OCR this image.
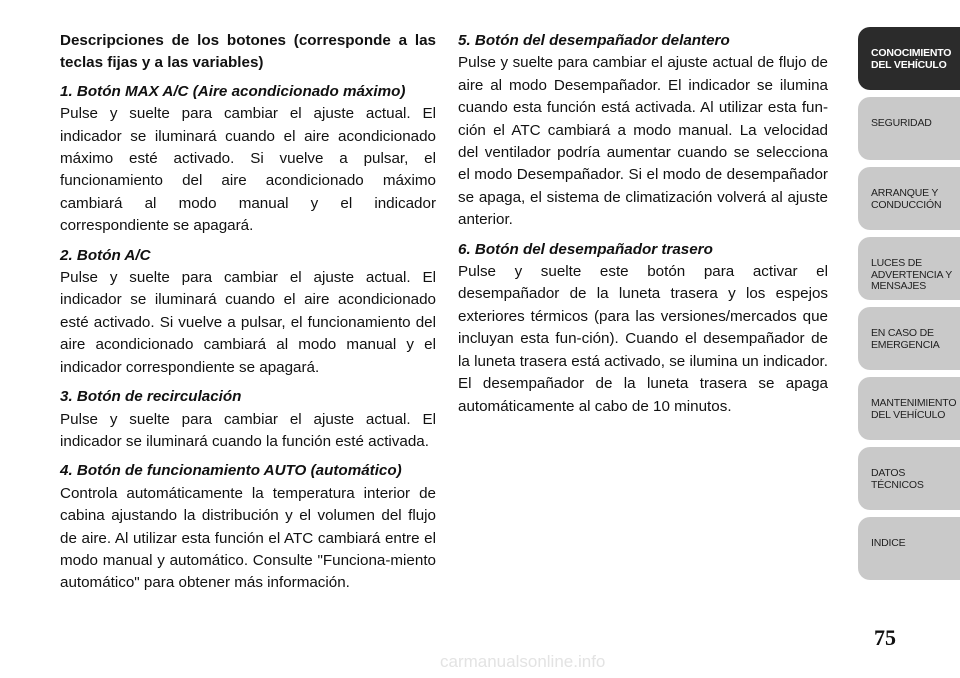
Descripciones de los botones (corresponde a las teclas fijas y a las variables)

1. Botón MAX A/C (Aire acondicionado máximo)

Pulse y suelte para cambiar el ajuste actual. El indicador se iluminará cuando el aire acondicionado máximo esté activado. Si vuelve a pulsar, el funcionamiento del aire acondicionado máximo cambiará al modo manual y el indicador correspondiente se apagará.

2. Botón A/C

Pulse y suelte para cambiar el ajuste actual. El indicador se iluminará cuando el aire acondicionado esté activado. Si vuelve a pulsar, el funcionamiento del aire acondicionado cambiará al modo manual y el indicador correspondiente se apagará.

3. Botón de recirculación

Pulse y suelte para cambiar el ajuste actual. El indicador se iluminará cuando la función esté activada.

4. Botón de funcionamiento AUTO (automático)

Controla automáticamente la temperatura interior de cabina ajustando la distribución y el volumen del flujo de aire. Al utilizar esta función el ATC cambiará entre el modo manual y automático. Consulte "Funciona-miento automático" para obtener más información.

5. Botón del desempañador delantero

Pulse y suelte para cambiar el ajuste actual de flujo de aire al modo Desempañador. El indicador se ilumina cuando esta función está activada. Al utilizar esta fun-ción el ATC cambiará a modo manual. La velocidad del ventilador podría aumentar cuando se selecciona el modo Desempañador. Si el modo de desempañador se apaga, el sistema de climatización volverá al ajuste anterior.

6. Botón del desempañador trasero

Pulse y suelte este botón para activar el desempañador de la luneta trasera y los espejos exteriores térmicos (para las versiones/mercados que incluyan esta fun-ción). Cuando el desempañador de la luneta trasera está activado, se ilumina un indicador. El desempañador de la luneta trasera se apaga automáticamente al cabo de 10 minutos.

CONOCIMIENTO DEL VEHÍCULO
SEGURIDAD
ARRANQUE Y CONDUCCIÓN
LUCES DE ADVERTENCIA Y MENSAJES
EN CASO DE EMERGENCIA
MANTENIMIENTO DEL VEHÍCULO
DATOS TÉCNICOS
INDICE
75
carmanualsonline.info
